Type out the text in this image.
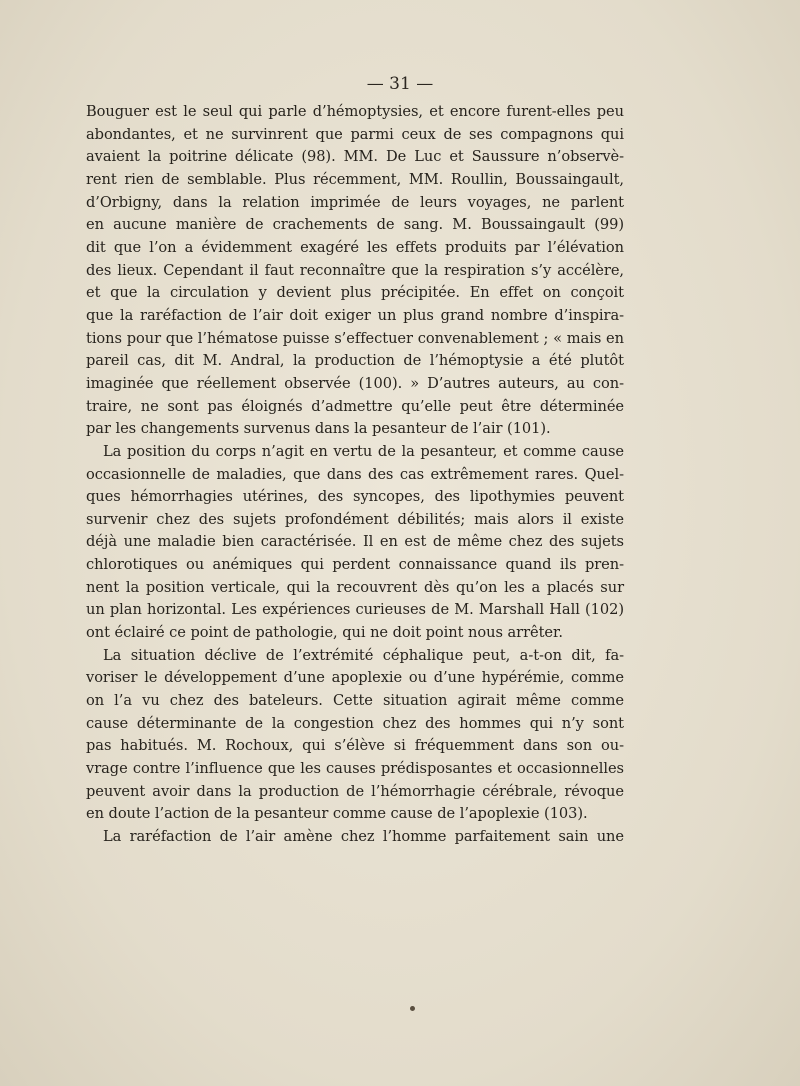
— 31 —
Bouguer est le seul qui parle d’hémoptysies, et encore furent-elles peu
abondantes, et ne survinrent que parmi ceux de ses compagnons qui
avaient la poitrine délicate (98). MM. De Luc et Saussure n’observè-
rent rien de semblable. Plus récemment, MM. Roullin, Boussaingault,
d’Orbigny, dans la relation imprimée de leurs voyages, ne parlent
en aucune manière de crachements de sang. M. Boussaingault (99)
dit que l’on a évidemment exagéré les effets produits par l’élévation
des lieux. Cependant il faut reconnaître que la respiration s’y accélère,
et que la circulation y devient plus précipitée. En effet on conçoit
que la raréfaction de l’air doit exiger un plus grand nombre d’inspira-
tions pour que l’hématose puisse s’effectuer convenablement ; « mais en
pareil cas, dit M. Andral, la production de l’hémoptysie a été plutôt
imaginée que réellement observée (100). » D’autres auteurs, au con-
traire, ne sont pas éloignés d’admettre qu’elle peut être déterminée
par les changements survenus dans la pesanteur de l’air (101).
La position du corps n’agit en vertu de la pesanteur, et comme cause
occasionnelle de maladies, que dans des cas extrêmement rares. Quel-
ques hémorrhagies utérines, des syncopes, des lipothymies peuvent
survenir chez des sujets profondément débilités; mais alors il existe
déjà une maladie bien caractérisée. Il en est de même chez des sujets
chlorotiques ou anémiques qui perdent connaissance quand ils pren-
nent la position verticale, qui la recouvrent dès qu’on les a placés sur
un plan horizontal. Les expériences curieuses de M. Marshall Hall (102)
ont éclairé ce point de pathologie, qui ne doit point nous arrêter.
La situation déclive de l’extrémité céphalique peut, a-t-on dit, fa-
voriser le développement d’une apoplexie ou d’une hypérémie, comme
on l’a vu chez des bateleurs. Cette situation agirait même comme
cause déterminante de la congestion chez des hommes qui n’y sont
pas habitués. M. Rochoux, qui s’élève si fréquemment dans son ou-
vrage contre l’influence que les causes prédisposantes et occasionnelles
peuvent avoir dans la production de l’hémorrhagie cérébrale, révoque
en doute l’action de la pesanteur comme cause de l’apoplexie (103).
La raréfaction de l’air amène chez l’homme parfaitement sain une
